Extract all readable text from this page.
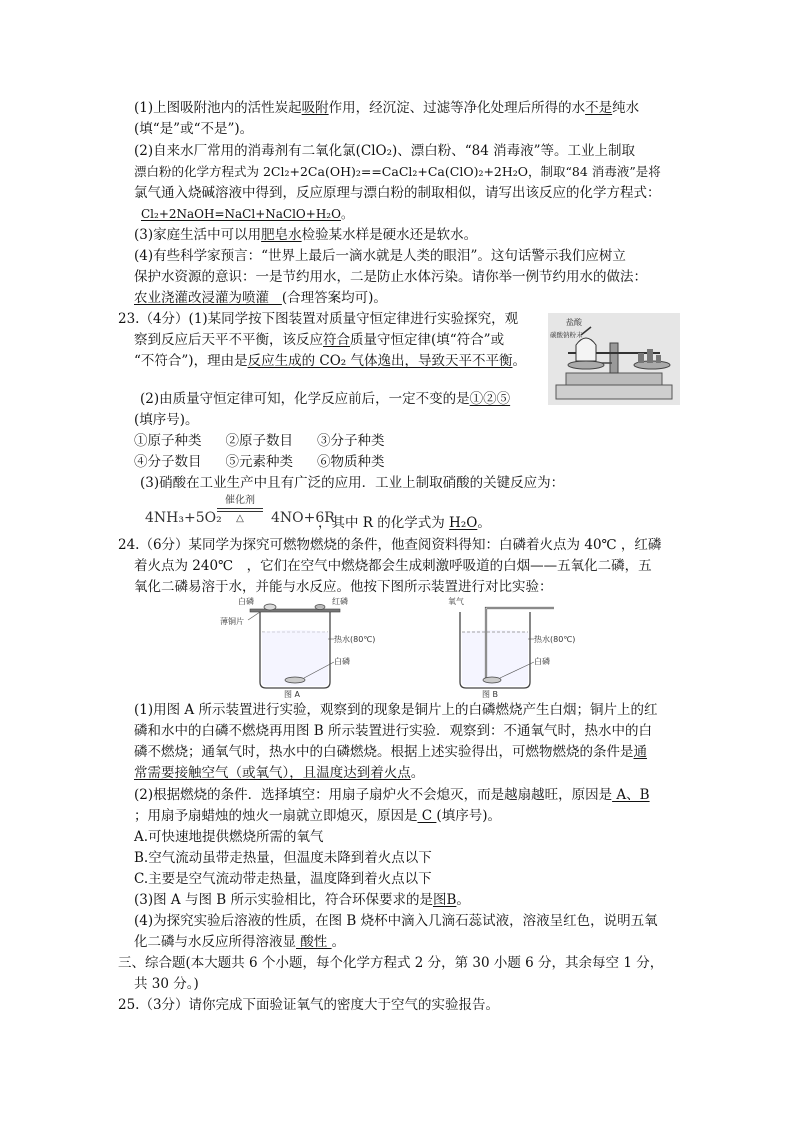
(1)上图吸附池内的活性炭起吸附作用，经沉淀、过滤等净化处理后所得的水不是纯水
(填“是”或“不是”)。
(2)自来水厂常用的消毒剂有二氧化氯(ClO₂)、漂白粉、“84 消毒液”等。工业上制取
漂白粉的化学方程式为 2Cl₂+2Ca(OH)₂==CaCl₂+Ca(ClO)₂+2H₂O，制取“84 消毒液”是将
氯气通入烧碱溶液中得到，反应原理与漂白粉的制取相似，请写出该反应的化学方程式：
Cl₂+2NaOH=NaCl+NaClO+H₂O。
(3)家庭生活中可以用肥皂水检验某水样是硬水还是软水。
(4)有些科学家预言：“世界上最后一滴水就是人类的眼泪”。这句话警示我们应树立
保护水资源的意识：一是节约用水，二是防止水体污染。请你举一例节约用水的做法：
农业浇灌改浸灌为喷灌 (合理答案均可)。
23.（4分）(1)某同学按下图装置对质量守恒定律进行实验探究，观
察到反应后天平不平衡，该反应符合质量守恒定律(填“符合”或
“不符合”)，理由是反应生成的 CO₂ 气体逸出，导致天平不平衡。
盐酸
碳酸钠粉末
(2)由质量守恒定律可知，化学反应前后，一定不变的是①②⑤
(填序号)。
①原子种类 ②原子数目 ③分子种类
④分子数目 ⑤元素种类 ⑥物质种类
(3)硝酸在工业生产中且有广泛的应用．工业上制取硝酸的关键反应为：
4NH₃+5O₂
催化剂
△	4NO+6R
，其中 R 的化学式为 H₂O。
24.（6分）某同学为探究可燃物燃烧的条件，他查阅资料得知：白磷着火点为 40℃ ，红磷
着火点为 240℃　，它们在空气中燃烧都会生成刺激呼吸道的白烟——五氧化二磷，五
氧化二磷易溶于水，并能与水反应。他按下图所示装置进行对比实验：
白磷	红磷
薄铜片
热水(80℃)
白磷
图 A
氧气
热水(80℃)
白磷
图 B
(1)用图 A 所示装置进行实验，观察到的现象是铜片上的白磷燃烧产生白烟；铜片上的红
磷和水中的白磷不燃烧再用图 B 所示装置进行实验．观察到：不通氧气时，热水中的白
磷不燃烧；通氧气时，热水中的白磷燃烧。根据上述实验得出，可燃物燃烧的条件是通
常需要接触空气（或氧气），且温度达到着火点。
(2)根据燃烧的条件．选择填空：用扇子扇炉火不会熄灭，而是越扇越旺，原因是 A、B
；用扇予扇蜡烛的烛火一扇就立即熄灭，原因是 C (填序号)。
A.可快速地提供燃烧所需的氧气
B.空气流动虽带走热量，但温度未降到着火点以下
C.主要是空气流动带走热量，温度降到着火点以下
(3)图 A 与图 B 所示实验相比，符合环保要求的是图B。
(4)为探究实验后溶液的性质，在图 B 烧杯中滴入几滴石蕊试液，溶液呈红色，说明五氧
化二磷与水反应所得溶液显 酸性 。
三、综合题(本大题共 6 个小题，每个化学方程式 2 分，第 30 小题 6 分，其余每空 1 分，
共 30 分。)
25.（3分）请你完成下面验证氧气的密度大于空气的实验报告。
